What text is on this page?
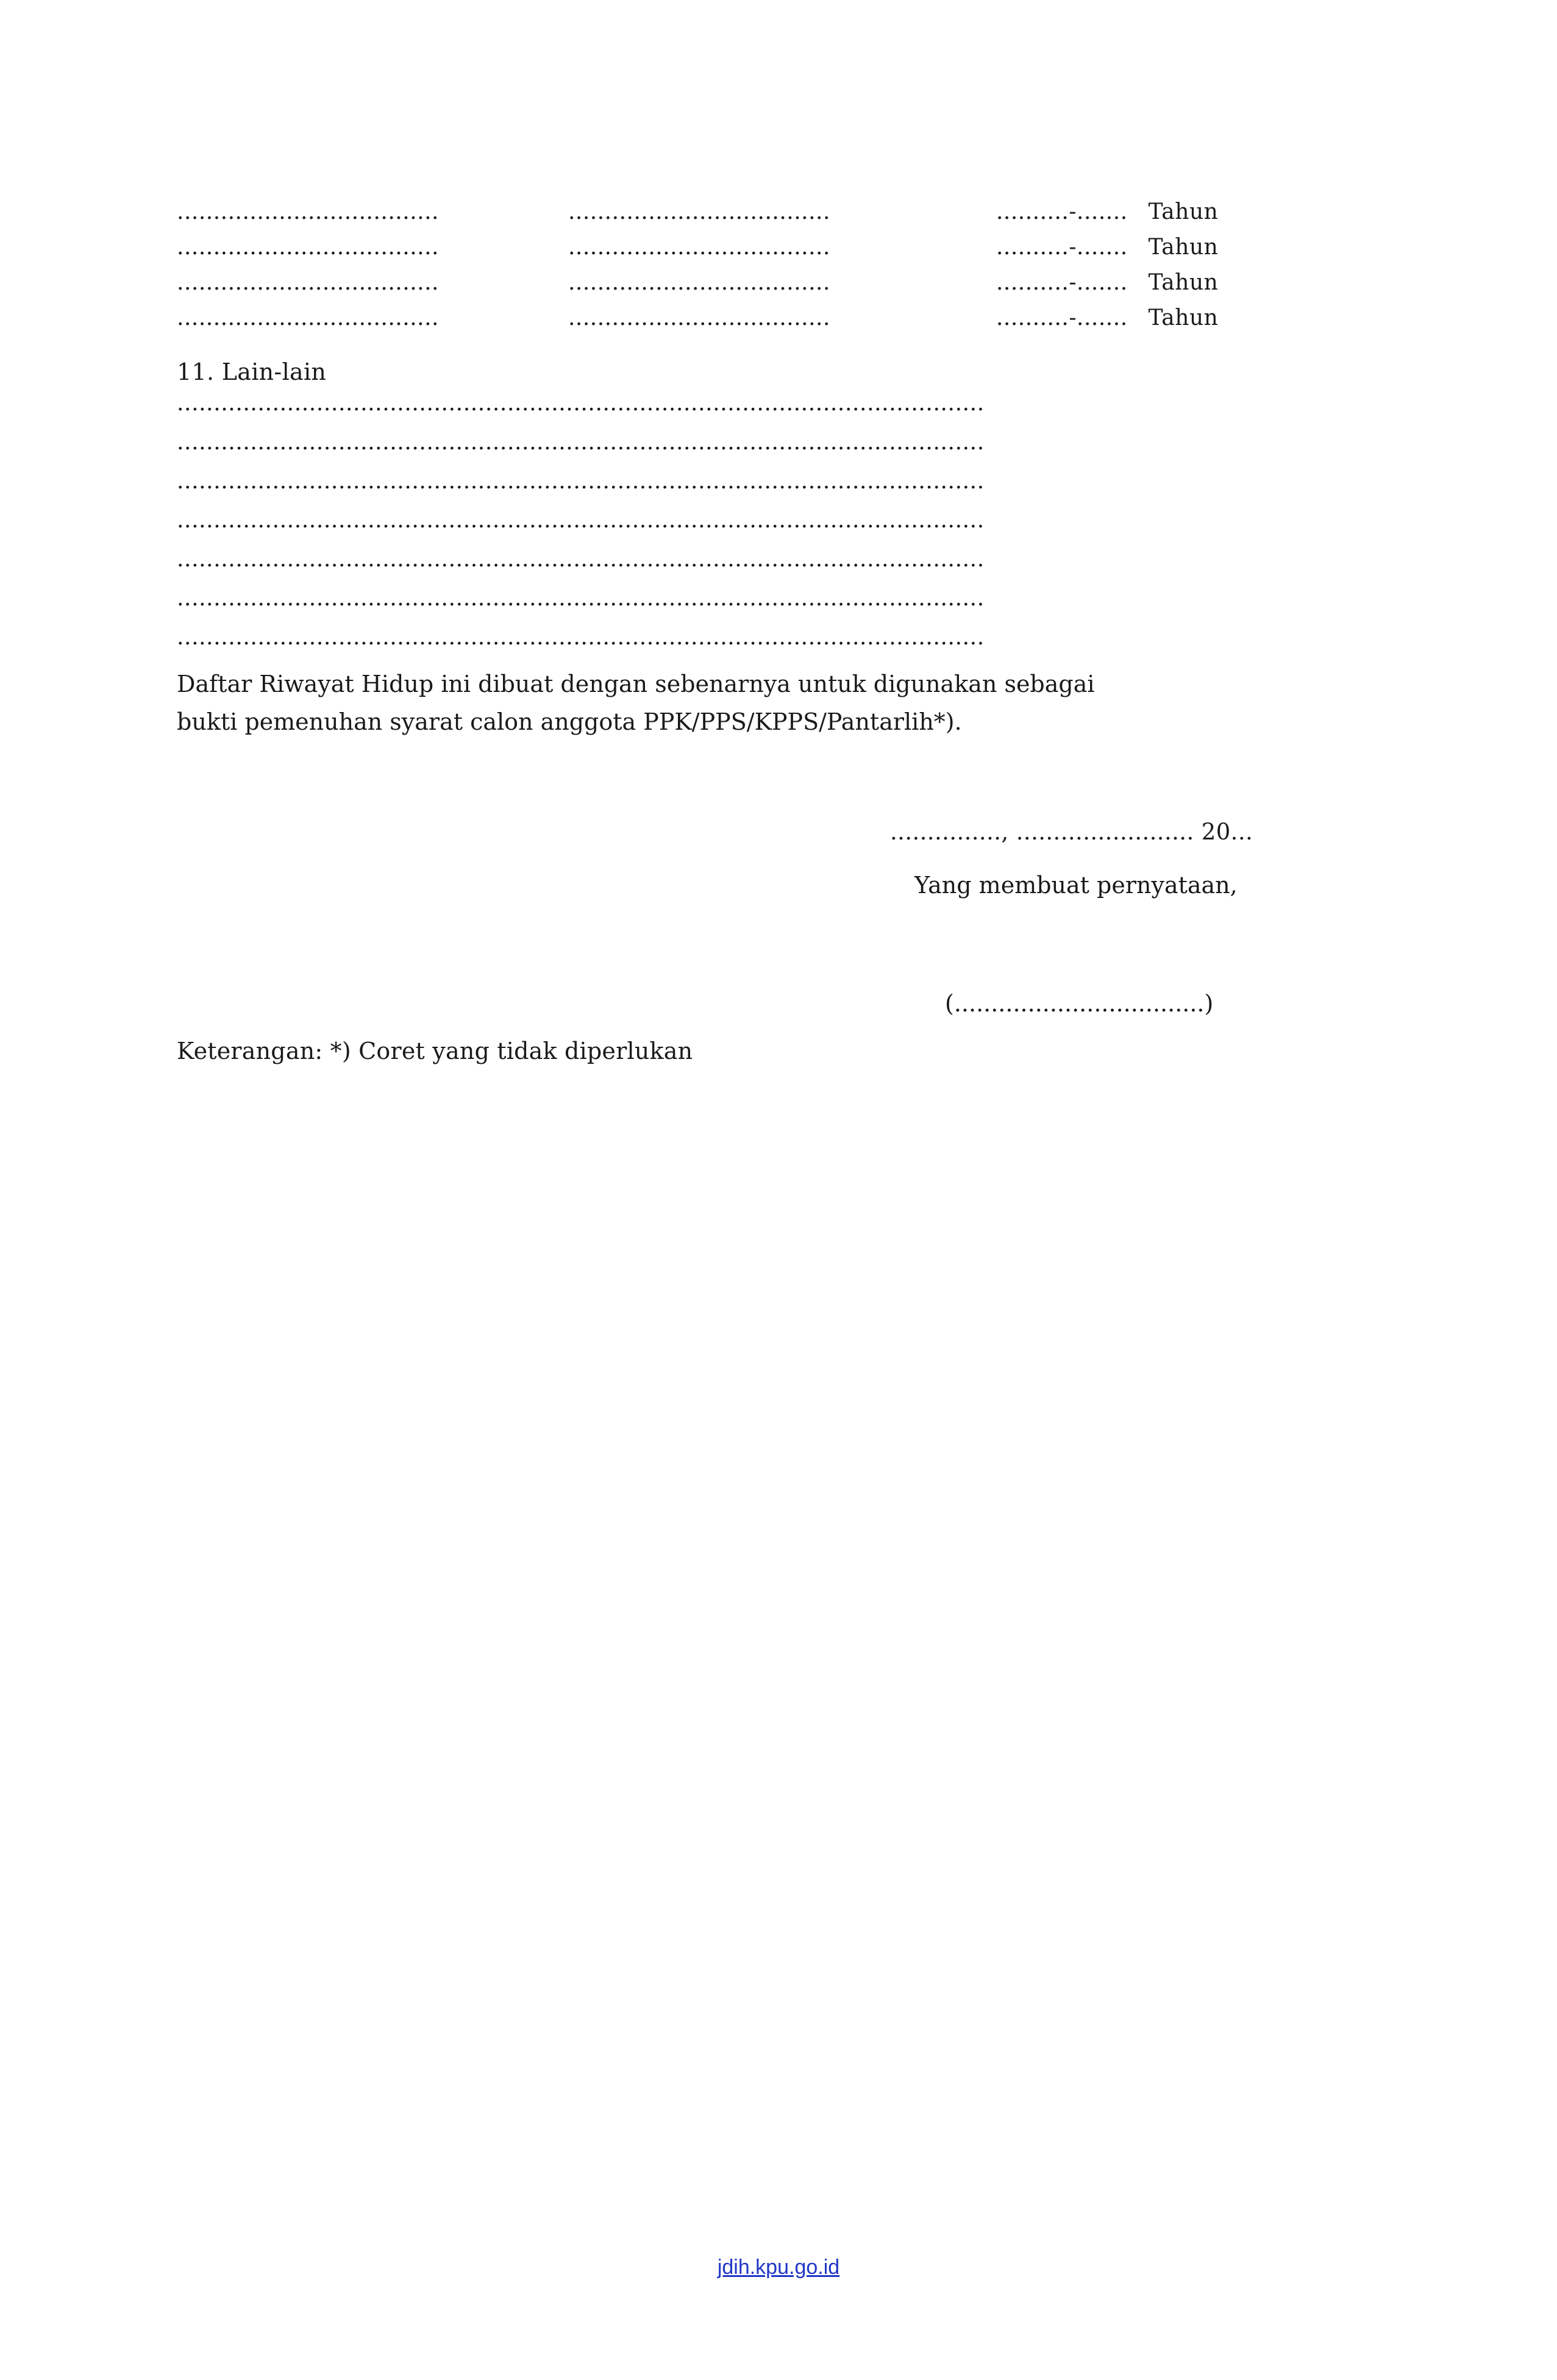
....................................	....................................	..........-....... Tahun
....................................	....................................	..........-....... Tahun
....................................	....................................	..........-....... Tahun
....................................	....................................	..........-....... Tahun
11. Lain-lain
..............................................................................................................
..............................................................................................................
..............................................................................................................
..............................................................................................................
..............................................................................................................
..............................................................................................................
..............................................................................................................
Daftar Riwayat Hidup ini dibuat dengan sebenarnya untuk digunakan sebagai
bukti pemenuhan syarat calon anggota PPK/PPS/KPPS/Pantarlih*).
..............., ........................ 20...
Yang membuat pernyataan,
(..................................)
Keterangan: *) Coret yang tidak diperlukan
jdih.kpu.go.id
